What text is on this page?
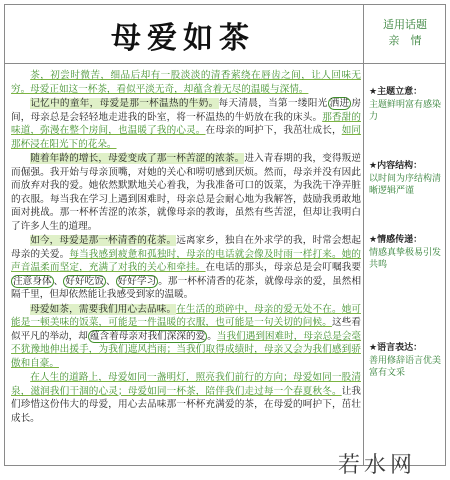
母爱如茶	适用话题
亲　情

茶，初尝时微苦，细品后却有一股淡淡的清香萦绕在唇齿之间，让人回味无穷。母爱正如这一杯茶，看似平淡无奇，却蕴含着无尽的温暖与深情。

记忆中的童年，母爱是那一杯温热的牛奶。每天清晨，当第一缕阳光 洒进 房间，母亲总是会轻轻地走进我的卧室，将一杯温热的牛奶放在我的床头。那香甜的味道，弥漫在整个房间，也温暖了我的心灵。在母亲的呵护下，我茁壮成长，如同那杯浸在阳光下的花朵。

随着年龄的增长，母爱变成了那一杯苦涩的浓茶。进入青春期的我，变得叛逆而倔强。我开始与母亲顶嘴，对她的关心和唠叨感到厌烦。然而，母亲并没有因此而放弃对我的爱。她依然默默地关心着我，为我准备可口的饭菜，为我洗干净弄脏的衣服。每当我在学习上遇到困难时，母亲总是会耐心地为我解答，鼓励我勇敢地面对挑战。那一杯杯苦涩的浓茶，就像母亲的教诲，虽然有些苦涩，但却让我明白了许多人生的道理。

如今，母爱是那一杯清香的花茶。远离家乡，独自在外求学的我，时常会想起母亲的关爱。每当我感到疲惫和孤独时，母亲的电话就会像及时雨一样打来。她的声音温柔而坚定，充满了对我的关心和牵挂。在电话的那头，母亲总是会叮嘱我要注意身体 、 好好吃饭 、 好好学习 。那一杯杯清香的花茶，就像母亲的爱，虽然相隔千里，但却依然能让我感受到家的温暖。

母爱如茶，需要我们用心去品味。在生活的琐碎中，母亲的爱无处不在。她可能是一顿美味的饭菜，可能是一件温暖的衣服，也可能是一句关切的问候。这些看似平凡的举动，却 蕴含着母亲对我们深深的爱 。当我们遇到困难时，母亲总是会毫不犹豫地伸出援手，为我们遮风挡雨；当我们取得成绩时，母亲又会为我们感到骄傲和自豪。

在人生的道路上，母爱如同一盏明灯，照亮我们前行的方向；母爱如同一股清泉，滋润我们干涸的心灵；母爱如同一杯茶，陪伴我们走过每一个春夏秋冬。让我们珍惜这份伟大的母爱，用心去品味那一杯杯充满爱的茶，在母爱的呵护下，茁壮成长。

★主题立意：
主题鲜明富有感染力
★内容结构：
以时间为序结构清晰逻辑严谨
★情感传递：
情感真挚极易引发共鸣
★语言表达：
善用修辞语言优美富有文采
若水网
